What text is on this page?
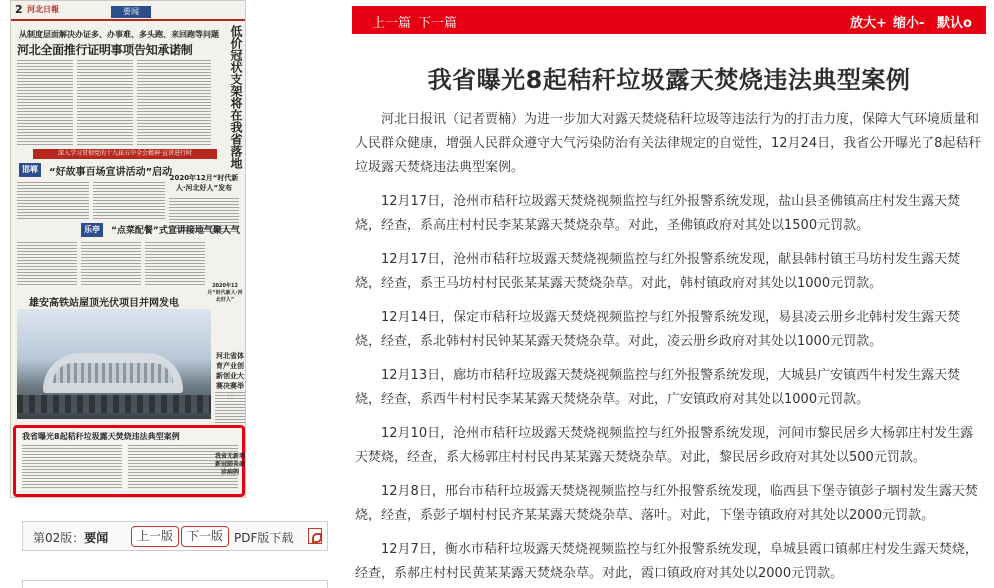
2 河北日報	要闻
从制度层面解决办证多、办事难、多头跑、来回跑等问题
河北全面推行证明事项告知承诺制	低价冠状支架将在我省落地
深入学习贯彻党的十九届五中全会精神·宣讲进行时
邯郸	“好故事百场宣讲活动”启动
2020年12月“时代新人·河北好人”发布
乐亭	“点菜配餐”式宣讲接地气聚人气
2020年12月“时代新人·河北好人”
雄安高铁站屋顶光伏项目并网发电
河北省体育产业创新创业大赛决赛举
我省曝光8起秸秆垃圾露天焚烧违法典型案例
我省无新增新冠肺炎确诊病例
第02版：要闻	上一版	下一版 PDF版下载
上一篇 下一篇	放大+ 缩小- 默认o
我省曝光8起秸秆垃圾露天焚烧违法典型案例

河北日报讯（记者贾楠）为进一步加大对露天焚烧秸秆垃圾等违法行为的打击力度，保障大气环境质量和人民群众健康，增强人民群众遵守大气污染防治有关法律规定的自觉性，12月24日，我省公开曝光了8起秸秆垃圾露天焚烧违法典型案例。

12月17日，沧州市秸秆垃圾露天焚烧视频监控与红外报警系统发现，盐山县圣佛镇高庄村发生露天焚烧，经查，系高庄村村民李某某露天焚烧杂草。对此，圣佛镇政府对其处以1500元罚款。

12月17日，沧州市秸秆垃圾露天焚烧视频监控与红外报警系统发现，献县韩村镇王马坊村发生露天焚烧，经查，系王马坊村村民张某某露天焚烧杂草。对此，韩村镇政府对其处以1000元罚款。

12月14日，保定市秸秆垃圾露天焚烧视频监控与红外报警系统发现，易县凌云册乡北韩村发生露天焚烧，经查，系北韩村村民钟某某露天焚烧杂草。对此，凌云册乡政府对其处以1000元罚款。

12月13日，廊坊市秸秆垃圾露天焚烧视频监控与红外报警系统发现，大城县广安镇西牛村发生露天焚烧，经查，系西牛村村民李某某露天焚烧杂草。对此，广安镇政府对其处以1000元罚款。

12月10日，沧州市秸秆垃圾露天焚烧视频监控与红外报警系统发现，河间市黎民居乡大杨郭庄村发生露天焚烧，经查，系大杨郭庄村村民冉某某露天焚烧杂草。对此，黎民居乡政府对其处以500元罚款。

12月8日，邢台市秸秆垃圾露天焚烧视频监控与红外报警系统发现，临西县下堡寺镇彭子堌村发生露天焚烧，经查，系彭子堌村村民齐某某露天焚烧杂草、落叶。对此，下堡寺镇政府对其处以2000元罚款。

12月7日，衡水市秸秆垃圾露天焚烧视频监控与红外报警系统发现，阜城县霞口镇郝庄村发生露天焚烧，经查，系郝庄村村民黄某某露天焚烧杂草。对此，霞口镇政府对其处以2000元罚款。
